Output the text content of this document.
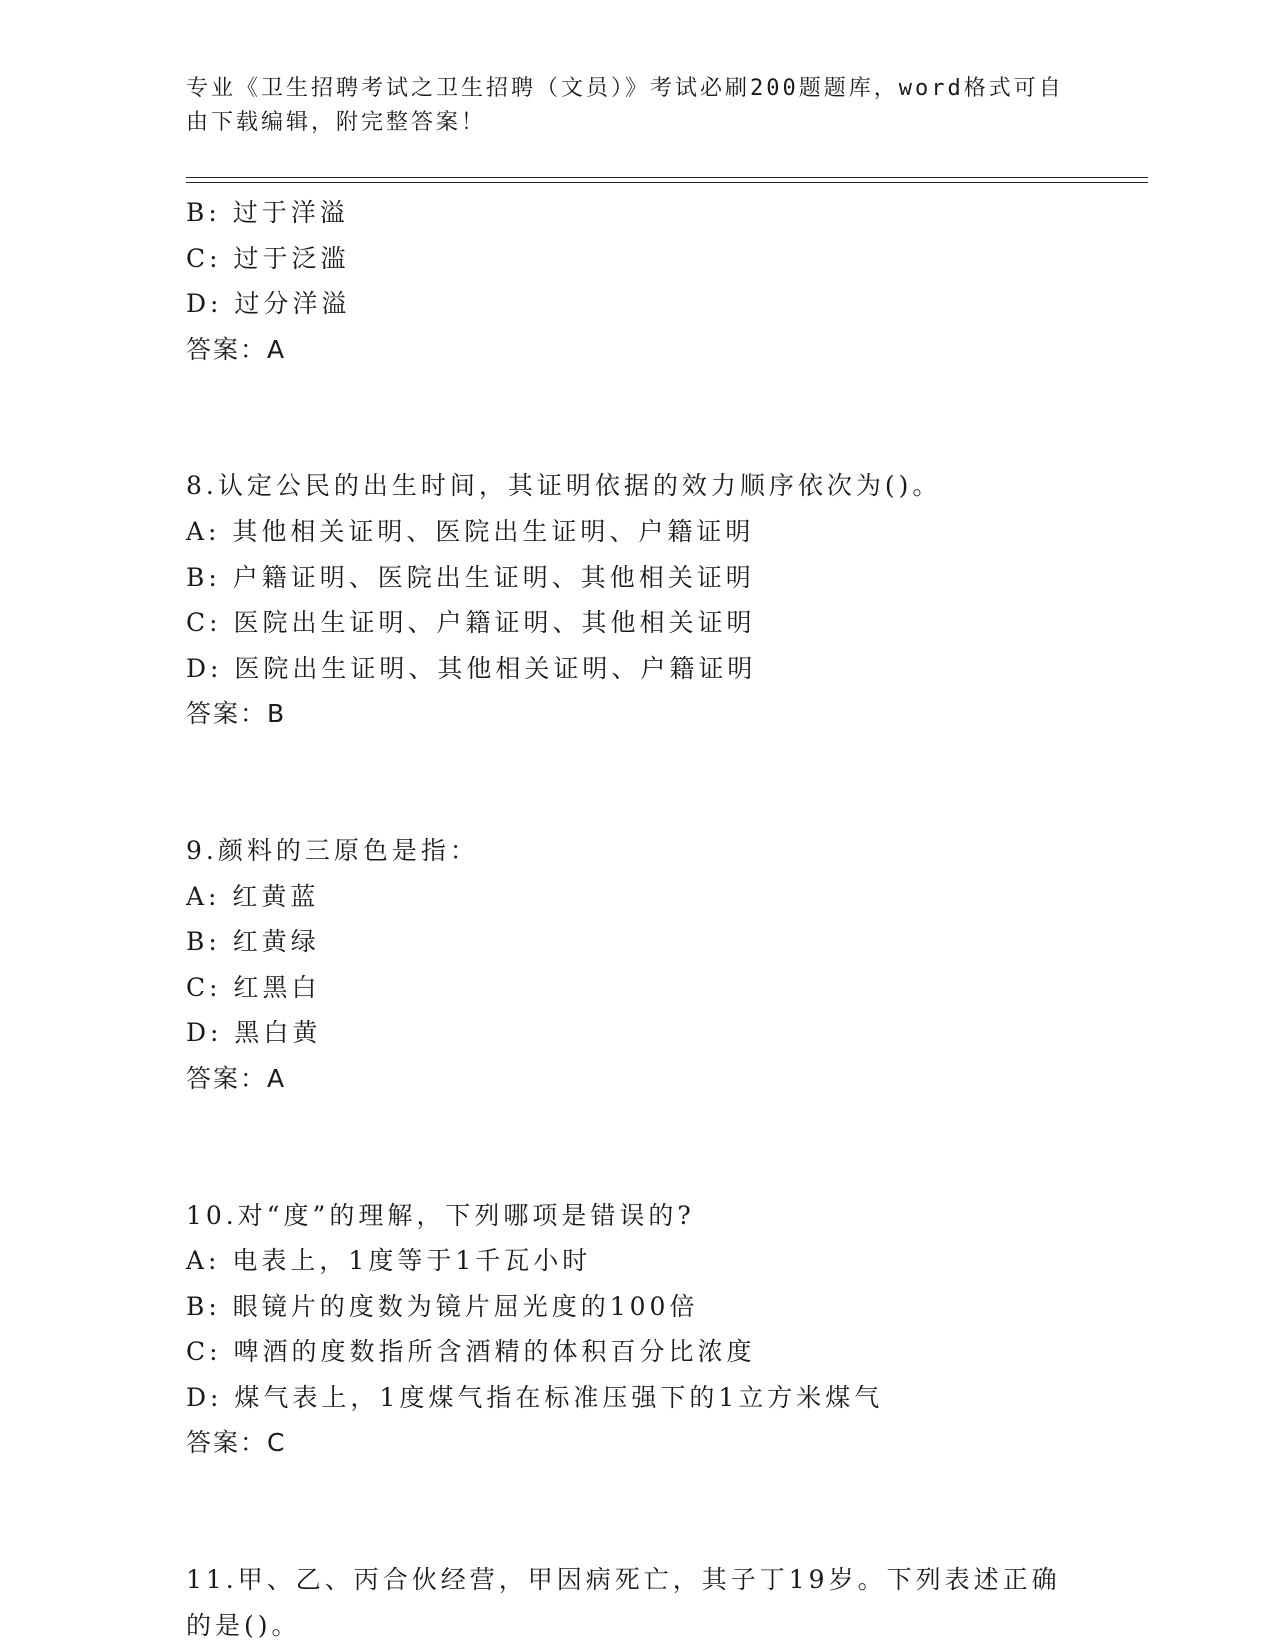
专业《卫生招聘考试之卫生招聘（文员）》考试必刷200题题库，word格式可自
由下载编辑，附完整答案！
B: 过于洋溢
C: 过于泛滥
D: 过分洋溢
答案：A
8.认定公民的出生时间，其证明依据的效力顺序依次为()。
A: 其他相关证明、医院出生证明、户籍证明
B: 户籍证明、医院出生证明、其他相关证明
C: 医院出生证明、户籍证明、其他相关证明
D: 医院出生证明、其他相关证明、户籍证明
答案：B
9.颜料的三原色是指：
A: 红黄蓝
B: 红黄绿
C: 红黑白
D: 黑白黄
答案：A
10.对“度”的理解，下列哪项是错误的?
A: 电表上，1度等于1千瓦小时
B: 眼镜片的度数为镜片屈光度的100倍
C: 啤酒的度数指所含酒精的体积百分比浓度
D: 煤气表上，1度煤气指在标准压强下的1立方米煤气
答案：C
11.甲、乙、丙合伙经营，甲因病死亡，其子丁19岁。下列表述正确
的是()。
